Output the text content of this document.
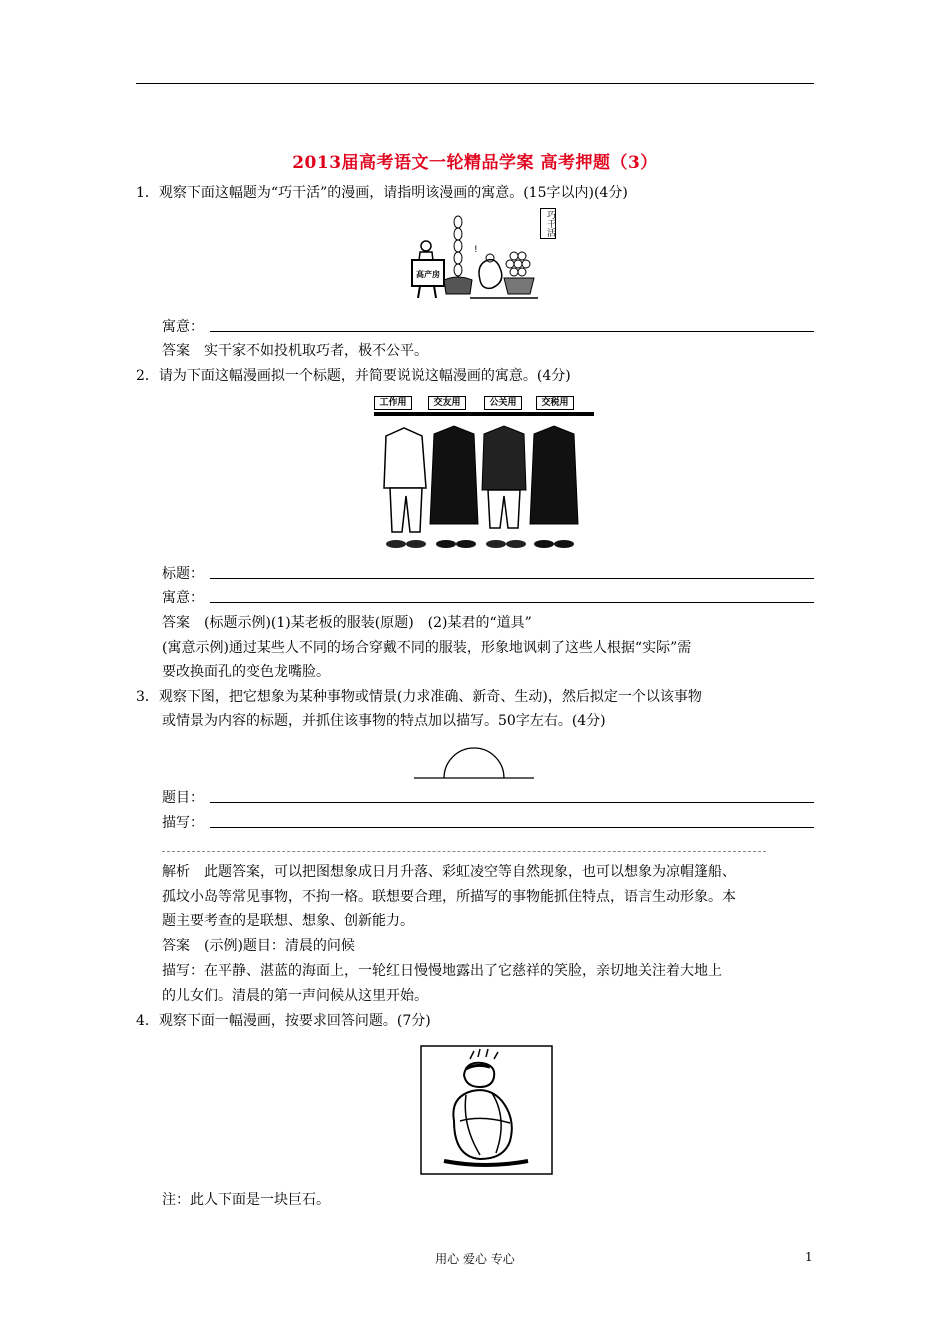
2013届高考语文一轮精品学案 高考押题（3）
1．观察下面这幅题为“巧干活”的漫画，请指明该漫画的寓意。(15字以内)(4分)
高产房
!
巧干活
寓意：
答案　实干家不如投机取巧者，极不公平。
2．请为下面这幅漫画拟一个标题，并简要说说这幅漫画的寓意。(4分)
工作用	交友用	公关用	交税用
标题：
寓意：
答案　(标题示例)(1)某老板的服装(原题)　(2)某君的“道具”
(寓意示例)通过某些人不同的场合穿戴不同的服装，形象地讽刺了这些人根据“实际”需
要改换面孔的变色龙嘴脸。
3．观察下图，把它想象为某种事物或情景(力求准确、新奇、生动)，然后拟定一个以该事物
或情景为内容的标题，并抓住该事物的特点加以描写。50字左右。(4分)
题目：
描写：
解析　此题答案，可以把图想象成日月升落、彩虹凌空等自然现象，也可以想象为凉帽篷船、
孤坟小岛等常见事物，不拘一格。联想要合理，所描写的事物能抓住特点，语言生动形象。本
题主要考查的是联想、想象、创新能力。
答案　(示例)题目：清晨的问候
描写：在平静、湛蓝的海面上，一轮红日慢慢地露出了它慈祥的笑脸，亲切地关注着大地上
的儿女们。清晨的第一声问候从这里开始。
4．观察下面一幅漫画，按要求回答问题。(7分)
注：此人下面是一块巨石。
用心 爱心 专心	1
